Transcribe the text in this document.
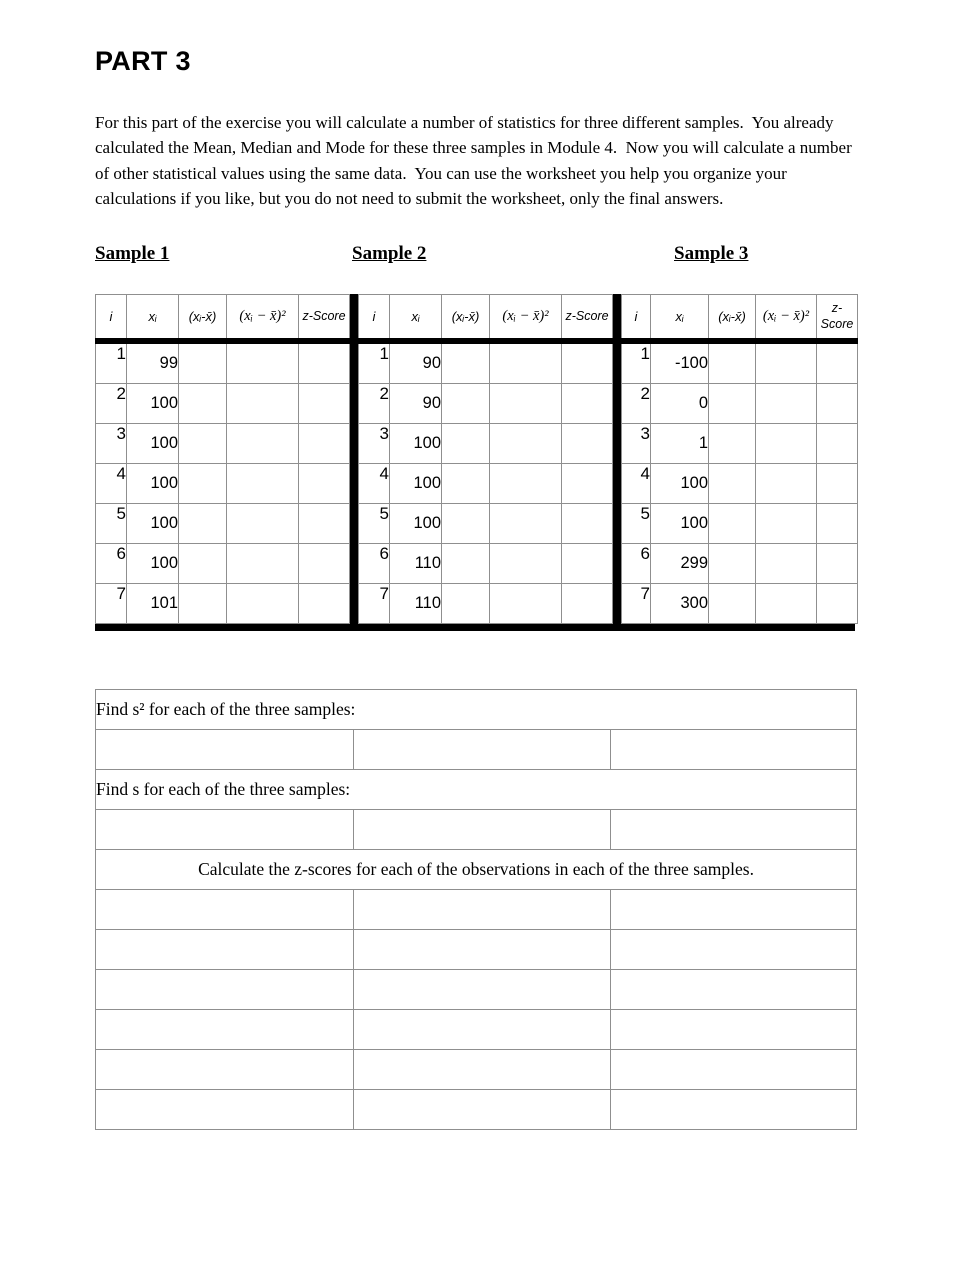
PART 3

For this part of the exercise you will calculate a number of statistics for three different samples.  You already calculated the Mean, Median and Mode for these three samples in Module 4.  Now you will calculate a number of other statistical values using the same data.  You can use the worksheet you help you organize your calculations if you like, but you do not need to submit the worksheet, only the final answers.

Sample 1	Sample 2	Sample 3
i	xᵢ	(xᵢ-x̄)	(xᵢ − x̄)²	z-Score
1	99			
2	100			
3	100			
4	100			
5	100			
6	100			
7	101			
i	xᵢ	(xᵢ-x̄)	(xᵢ − x̄)²	z-Score
1	90			
2	90			
3	100			
4	100			
5	100			
6	110			
7	110			
i	xᵢ	(xᵢ-x̄)	(xᵢ − x̄)²	z-Score
1	-100			
2	0			
3	1			
4	100			
5	100			
6	299			
7	300			
Find s² for each of the three samples:		

Find s for each of the three samples:		

Calculate the z-scores for each of the observations in each of the three samples.		
